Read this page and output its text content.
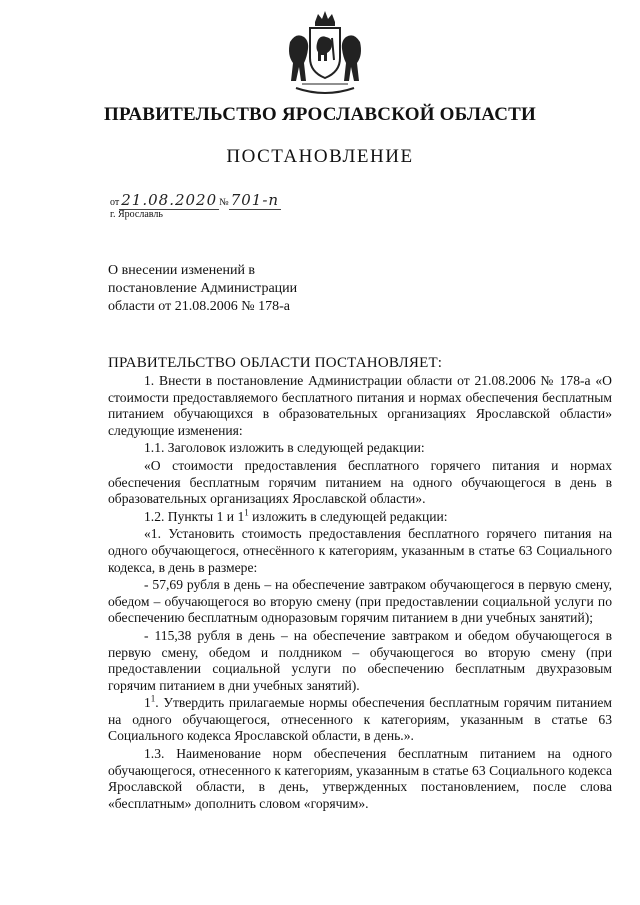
ПРАВИТЕЛЬСТВО ЯРОСЛАВСКОЙ ОБЛАСТИ
ПОСТАНОВЛЕНИЕ
от 21.08.2020 № 701-п
г. Ярославль
О внесении изменений в
постановление Администрации
области от 21.08.2006 № 178-а
ПРАВИТЕЛЬСТВО ОБЛАСТИ ПОСТАНОВЛЯЕТ:

1. Внести в постановление Администрации области от 21.08.2006 № 178-а «О стоимости предоставляемого бесплатного питания и нормах обеспечения бесплатным питанием обучающихся в образовательных организациях Ярославской области» следующие изменения:

1.1. Заголовок изложить в следующей редакции:

«О стоимости предоставления бесплатного горячего питания и нормах обеспечения бесплатным горячим питанием на одного обучающегося в день в образовательных организациях Ярославской области».

1.2. Пункты 1 и $1^1$ изложить в следующей редакции:

«1. Установить стоимость предоставления бесплатного горячего питания на одного обучающегося, отнесённого к категориям, указанным в статье 63 Социального кодекса, в день в размере:

- 57,69 рубля в день – на обеспечение завтраком обучающегося в первую смену, обедом – обучающегося во вторую смену (при предоставлении социальной услуги по обеспечению бесплатным одноразовым горячим питанием в дни учебных занятий);

- 115,38 рубля в день – на обеспечение завтраком и обедом обучающегося в первую смену, обедом и полдником – обучающегося во вторую смену (при предоставлении социальной услуги по обеспечению бесплатным двухразовым горячим питанием в дни учебных занятий).

$1^1$. Утвердить прилагаемые нормы обеспечения бесплатным горячим питанием на одного обучающегося, отнесенного к категориям, указанным в статье 63 Социального кодекса Ярославской области, в день.».

1.3. Наименование норм обеспечения бесплатным питанием на одного обучающегося, отнесенного к категориям, указанным в статье 63 Социального кодекса Ярославской области, в день, утвержденных постановлением, после слова «бесплатным» дополнить словом «горячим».
